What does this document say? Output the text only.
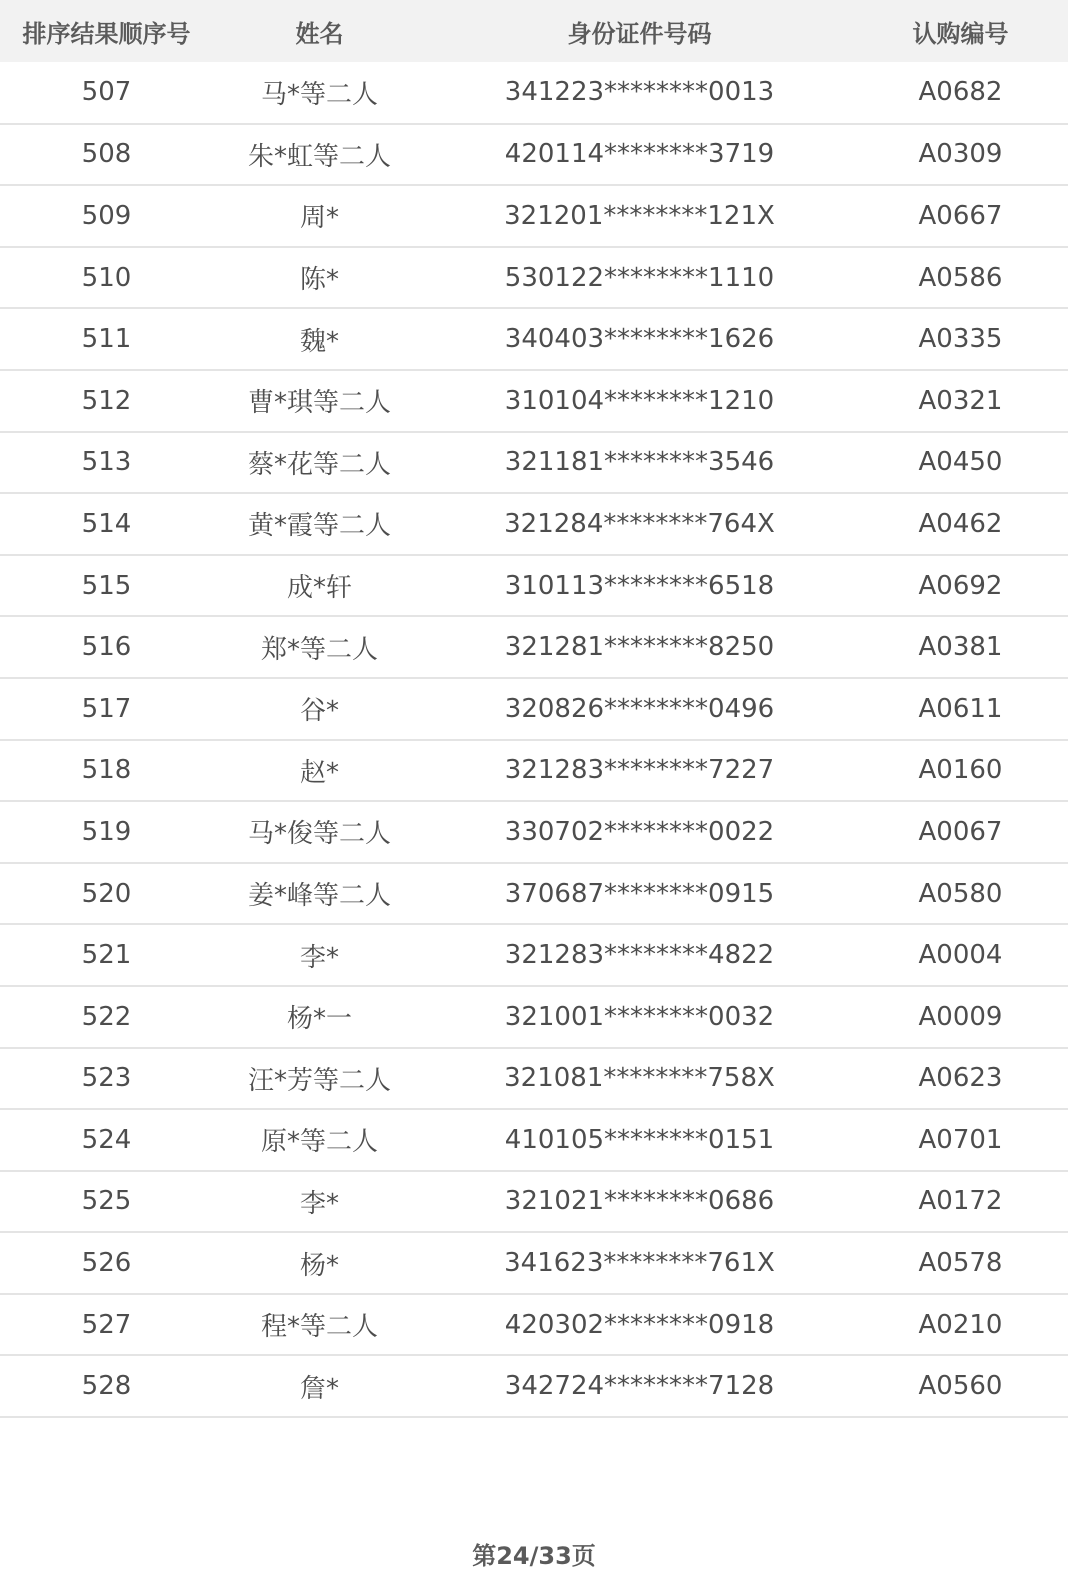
排序结果顺序号	姓名	身份证件号码	认购编号
507	马*等二人	341223********0013	A0682
508	朱*虹等二人	420114********3719	A0309
509	周*	321201********121X	A0667
510	陈*	530122********1110	A0586
511	魏*	340403********1626	A0335
512	曹*琪等二人	310104********1210	A0321
513	蔡*花等二人	321181********3546	A0450
514	黄*霞等二人	321284********764X	A0462
515	成*轩	310113********6518	A0692
516	郑*等二人	321281********8250	A0381
517	谷*	320826********0496	A0611
518	赵*	321283********7227	A0160
519	马*俊等二人	330702********0022	A0067
520	姜*峰等二人	370687********0915	A0580
521	李*	321283********4822	A0004
522	杨*一	321001********0032	A0009
523	汪*芳等二人	321081********758X	A0623
524	原*等二人	410105********0151	A0701
525	李*	321021********0686	A0172
526	杨*	341623********761X	A0578
527	程*等二人	420302********0918	A0210
528	詹*	342724********7128	A0560
第24/33页
